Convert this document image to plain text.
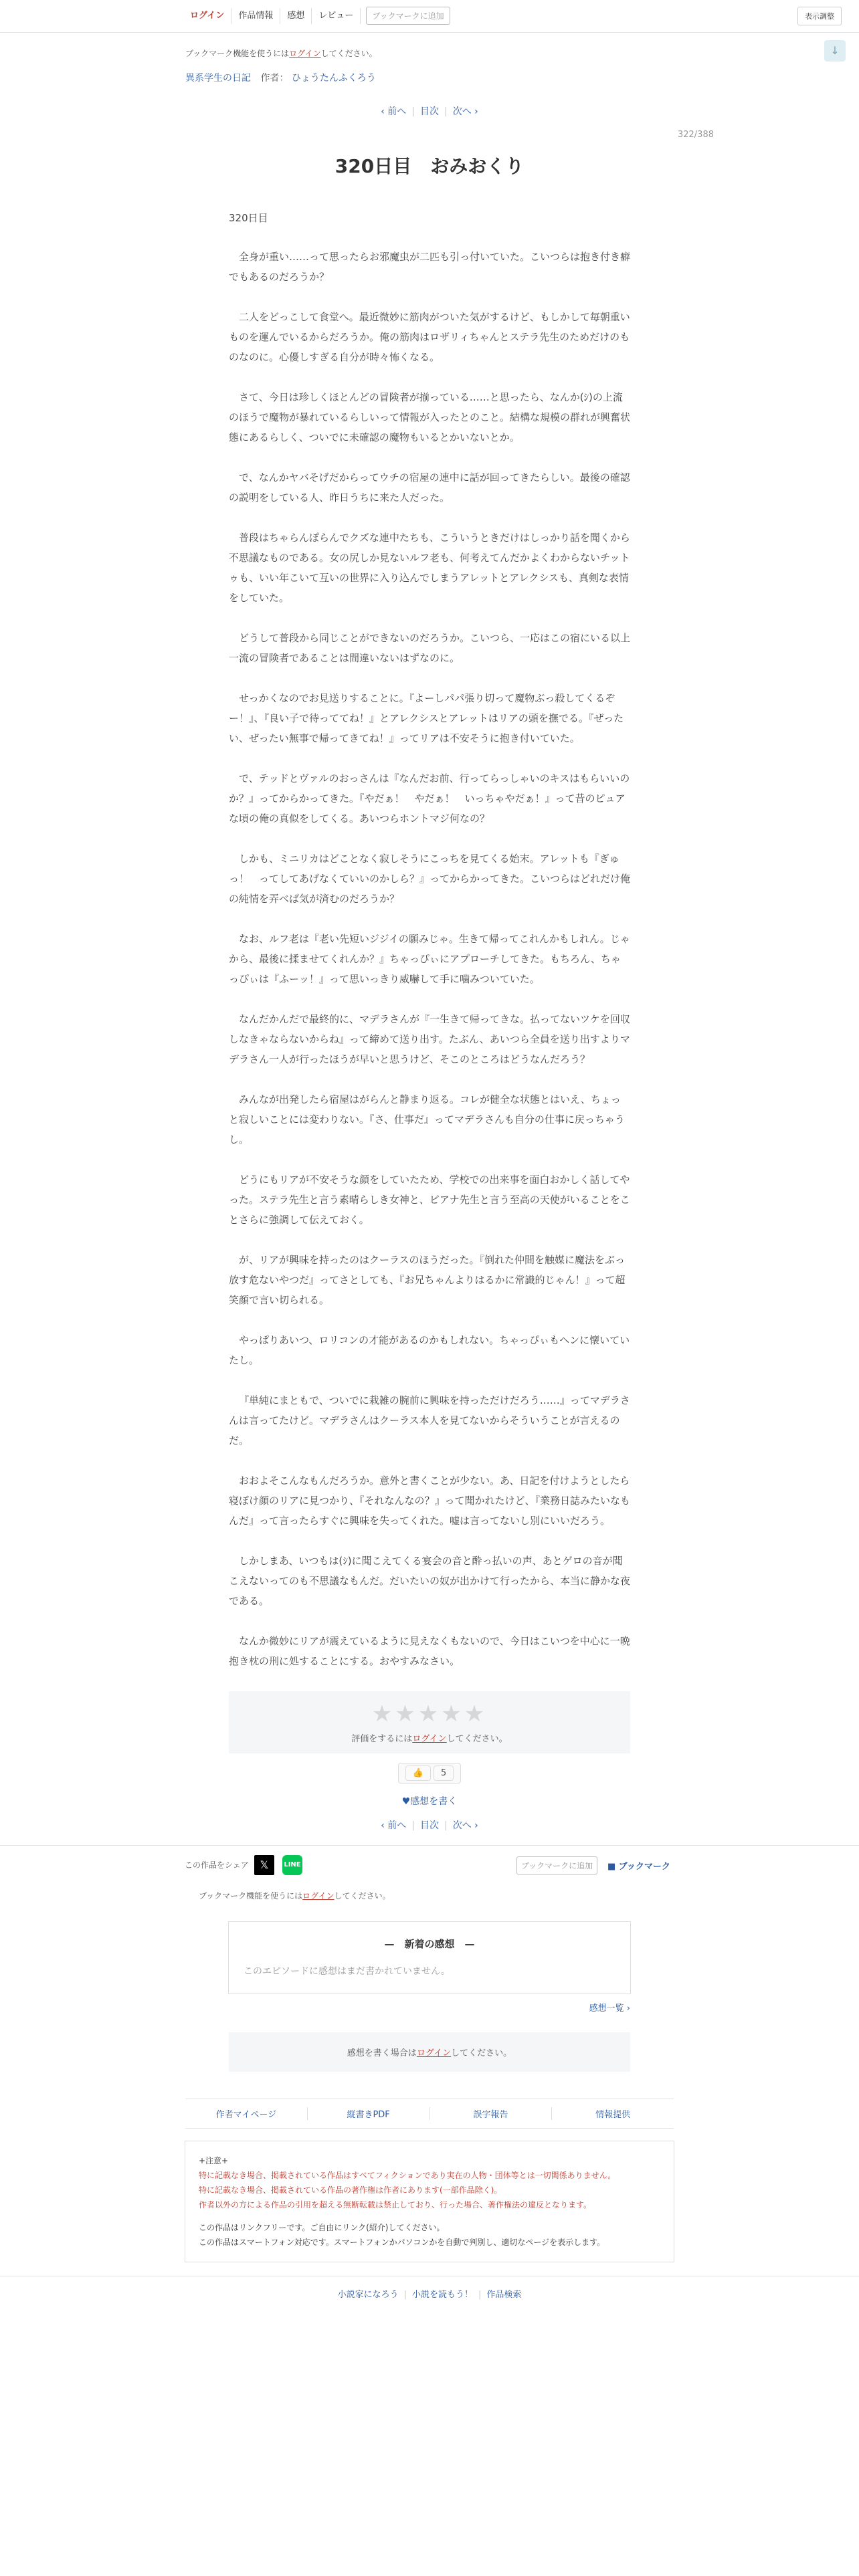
ログイン	作品情報	感想	レビュー	ブックマークに追加	表示調整
↓
ブックマーク機能を使うにはログインしてください。
異系学生の日記 作者： ひょうたんふくろう
‹ 前へ | 目次 | 次へ ›
322/388
320日目　おみおくり
320日目

全身が重い……って思ったらお邪魔虫が二匹も引っ付いていた。こいつらは抱き付き癖でもあるのだろうか？

二人をどっこして食堂へ。最近微妙に筋肉がついた気がするけど、もしかして毎朝重いものを運んでいるからだろうか。俺の筋肉はロザリィちゃんとステラ先生のためだけのものなのに。心優しすぎる自分が時々怖くなる。

さて、今日は珍しくほとんどの冒険者が揃っている……と思ったら、なんか(ｼ)の上流のほうで魔物が暴れているらしいって情報が入ったとのこと。結構な規模の群れが興奮状態にあるらしく、ついでに未確認の魔物もいるとかいないとか。

で、なんかヤバそげだからってウチの宿屋の連中に話が回ってきたらしい。最後の確認の説明をしている人、昨日うちに来た人だった。

普段はちゃらんぽらんでクズな連中たちも、こういうときだけはしっかり話を聞くから不思議なものである。女の尻しか見ないルフ老も、何考えてんだかよくわからないチットゥも、いい年こいて互いの世界に入り込んでしまうアレットとアレクシスも、真剣な表情をしていた。

どうして普段から同じことができないのだろうか。こいつら、一応はこの宿にいる以上一流の冒険者であることは間違いないはずなのに。

せっかくなのでお見送りすることに。『よーしパパ張り切って魔物ぶっ殺してくるぞー！』、『良い子で待っててね！』とアレクシスとアレットはリアの頭を撫でる。『ぜったい、ぜったい無事で帰ってきてね！』ってリアは不安そうに抱き付いていた。

で、テッドとヴァルのおっさんは『なんだお前、行ってらっしゃいのキスはもらいいのか？』ってからかってきた。『やだぁ！　やだぁ！　いっちゃやだぁ！』って昔のピュアな頃の俺の真似をしてくる。あいつらホントマジ何なの？

しかも、ミニリカはどことなく寂しそうにこっちを見てくる始末。アレットも『ぎゅっ！　ってしてあげなくていいのかしら？』ってからかってきた。こいつらはどれだけ俺の純情を弄べば気が済むのだろうか？

なお、ルフ老は『老い先短いジジイの願みじゃ。生きて帰ってこれんかもしれん。じゃから、最後に揉ませてくれんか？』ちゃっぴぃにアプローチしてきた。もちろん、ちゃっぴぃは『ふーッ！』って思いっきり威嚇して手に噛みついていた。

なんだかんだで最終的に、マデラさんが『一生きて帰ってきな。払ってないツケを回収しなきゃならないからね』って締めて送り出す。たぶん、あいつら全員を送り出すよりマデラさん一人が行ったほうが早いと思うけど、そこのところはどうなんだろう？

みんなが出発したら宿屋はがらんと静まり返る。コレが健全な状態とはいえ、ちょっと寂しいことには変わりない。『さ、仕事だ』ってマデラさんも自分の仕事に戻っちゃうし。

どうにもリアが不安そうな顔をしていたため、学校での出来事を面白おかしく話してやった。ステラ先生と言う素晴らしき女神と、ピアナ先生と言う至高の天使がいることをことさらに強調して伝えておく。

が、リアが興味を持ったのはクーラスのほうだった。『倒れた仲間を触媒に魔法をぶっ放す危ないやつだ』ってさとしても、『お兄ちゃんよりはるかに常識的じゃん！』って超笑顔で言い切られる。

やっぱりあいつ、ロリコンの才能があるのかもしれない。ちゃっぴぃもヘンに懐いていたし。

『単純にまともで、ついでに栽雑の腕前に興味を持っただけだろう……』ってマデラさんは言ってたけど。マデラさんはクーラス本人を見てないからそういうことが言えるのだ。

おおよそこんなもんだろうか。意外と書くことが少ない。あ、日記を付けようとしたら寝ぼけ顔のリアに見つかり、『それなんなの？』って聞かれたけど、『業務日誌みたいなもんだ』って言ったらすぐに興味を失ってくれた。嘘は言ってないし別にいいだろう。

しかしまあ、いつもは(ｼ)に聞こえてくる宴会の音と酔っ払いの声、あとゲロの音が聞こえないってのも不思議なもんだ。だいたいの奴が出かけて行ったから、本当に静かな夜である。

なんか微妙にリアが震えているように見えなくもないので、今日はこいつを中心に一晩抱き枕の刑に処することにする。おやすみなさい。

★★★★★
評価をするにはログインしてください。
👍 5
♥感想を書く
‹ 前へ | 目次 | 次へ ›
この作品をシェア	𝕏	LINE	ブックマークに追加	■ ブックマーク
ブックマーク機能を使うにはログインしてください。
—　新着の感想　—
このエピソードに感想はまだ書かれていません。
感想一覧 ›
感想を書く場合はログインしてください。
作者マイページ	縦書きPDF	誤字報告	情報提供
+注意+
特に記載なき場合、掲載されている作品はすべてフィクションであり実在の人物・団体等とは一切関係ありません。
特に記載なき場合、掲載されている作品の著作権は作者にあります(一部作品除く)。
作者以外の方による作品の引用を超える無断転載は禁止しており、行った場合、著作権法の違反となります。
この作品はリンクフリーです。ご自由にリンク(紹介)してください。
この作品はスマートフォン対応です。スマートフォンかパソコンかを自動で判別し、適切なページを表示します。
小説家になろう | 小説を読もう！ | 作品検索
